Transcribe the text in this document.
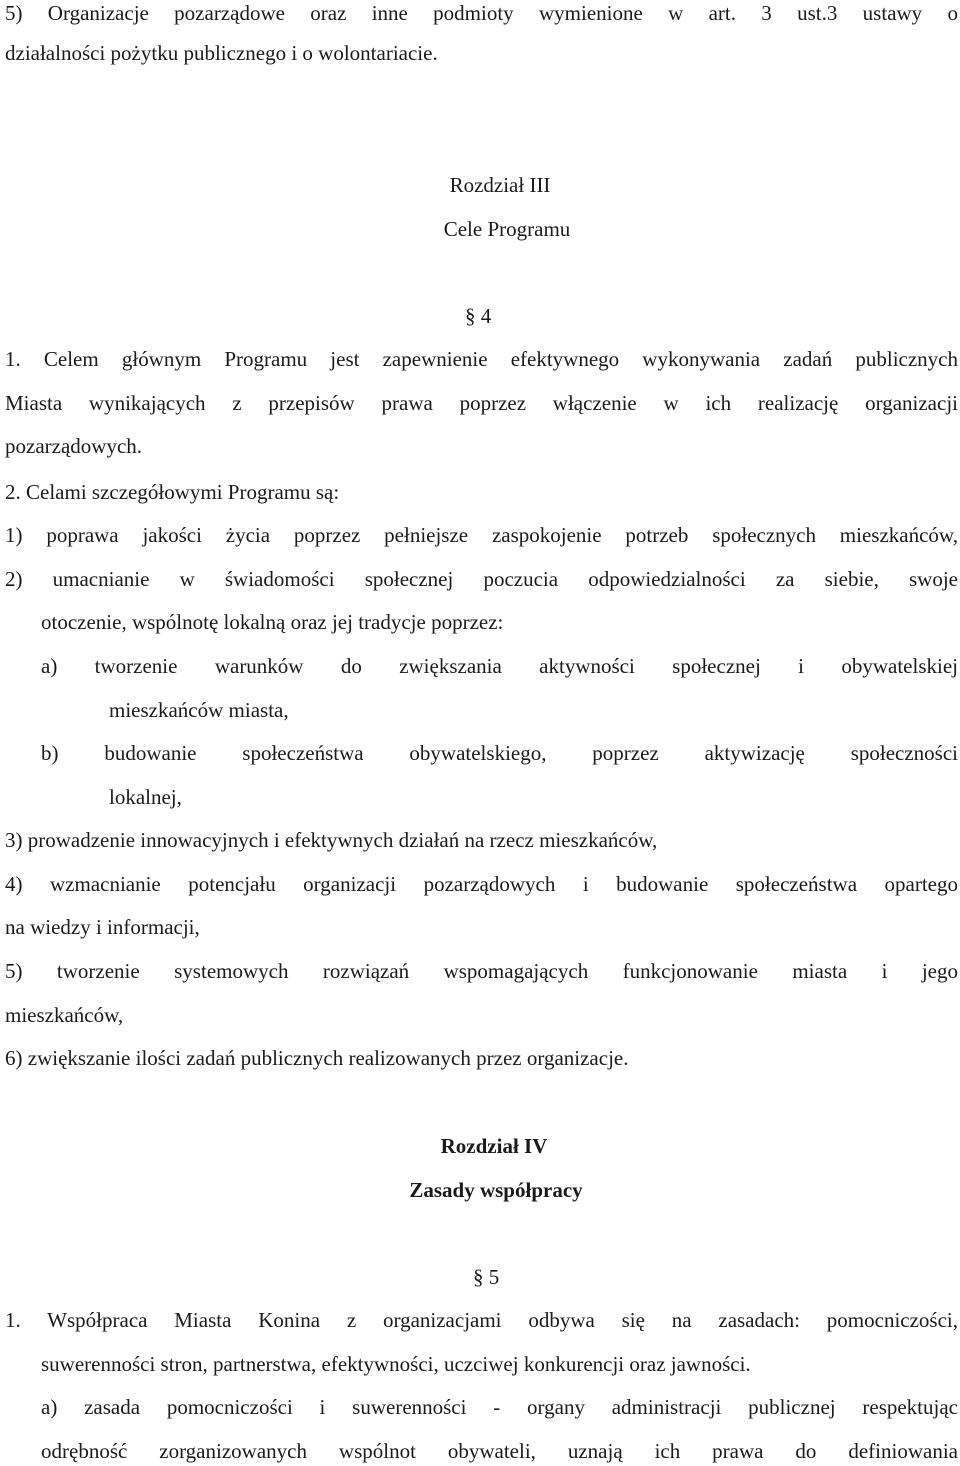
5) Organizacje pozarządowe oraz inne podmioty wymienione w art. 3 ust.3 ustawy o
działalności pożytku publicznego i o wolontariacie.
Rozdział III
Cele Programu
§ 4
1. Celem głównym Programu jest zapewnienie efektywnego wykonywania zadań publicznych
Miasta wynikających z przepisów prawa poprzez włączenie w ich realizację organizacji
pozarządowych.
2. Celami szczegółowymi Programu są:
1) poprawa jakości życia poprzez pełniejsze zaspokojenie potrzeb społecznych mieszkańców,
2) umacnianie w świadomości społecznej poczucia odpowiedzialności za siebie, swoje
otoczenie, wspólnotę lokalną oraz jej tradycje poprzez:
a) tworzenie warunków do zwiększania aktywności społecznej i obywatelskiej
mieszkańców miasta,
b) budowanie społeczeństwa obywatelskiego, poprzez aktywizację społeczności
lokalnej,
3) prowadzenie innowacyjnych i efektywnych działań na rzecz mieszkańców,
4) wzmacnianie potencjału organizacji pozarządowych i budowanie społeczeństwa opartego
na wiedzy i informacji,
5) tworzenie systemowych rozwiązań wspomagających funkcjonowanie miasta i jego
mieszkańców,
6) zwiększanie ilości zadań publicznych realizowanych przez organizacje.
Rozdział IV
Zasady współpracy
§ 5
1. Współpraca Miasta Konina z organizacjami odbywa się na zasadach: pomocniczości,
suwerenności stron, partnerstwa, efektywności, uczciwej konkurencji oraz jawności.
a) zasada pomocniczości i suwerenności - organy administracji publicznej respektując
odrębność zorganizowanych wspólnot obywateli, uznają ich prawa do definiowania
